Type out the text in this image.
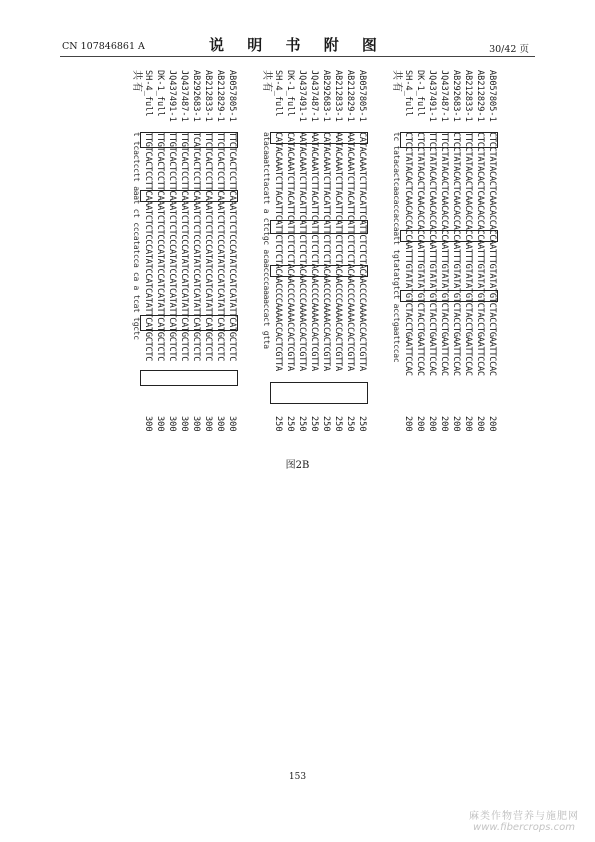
CN 107846861 A	说 明 书 附 图	30/42 页
AB057805-1
CTCCTATACACTCAACACCACCAATTTGTATATGTCTACCTGAATTCCAC
200
AB212829-1
CTCCTATACACTCAACACCACCAATTTGTATATGTCTACCTGAATTCCAC
200
AB212833-1
TTCCTATACACTCAACACCACCAATTTGTATATGTCTACCTGAATTCCAC
200
AB292683-1
CTCCTATACACTCAACACCACCAATTTGTATATGTCTACCTGAATTCCAC
200
JQ437487-1
TTCCTATACACTCAACACCACCAATTTGTATATGTCTACCTGAATTCCAC
200
JQ437491-1
TTCCTATACACTCAACACCACCAATTTGTATATGTCTACCTGAATTCCAC
200
DK-1_full
CTCCTATACACTCAACACCACCAATTTGTATATGTCTACCTGAATTCCAC
200
SH-4_full
CTCCTATACACTCAACACCACCAATTTGTATATGTCTACCTGAATTCCAC
200
共有
tc tatacactcaacaccaccaatt tgtatatgtct acctgaattccac
AB057805-1
CATACAAATCTTACATTCATTCTCTCTACAACCCCAAAACCACTCGTTA
250
AB212829-1
AATACAAATCTTACATTCATTCTCTCTACAACCCCAAAACCACTCGTTA
250
AB212833-1
AATACAAATCTTACATTCATTCTCTCTACAACCCCAAAACCACTCGTTA
250
AB292683-1
CATACAAATCTTACATTCATTCTCTCTACAACCCCAAAACCACTCGTTA
250
JQ437487-1
AATACAAATCTTACATTCATTCTCTCTACAACCCCAAAACCACTCGTTA
250
JQ437491-1
AATACAAATCTTACATTCATTCTCTCTACAACCCCAAAACCACTCGTTA
250
DK-1_full
CATACAAATCTTACATTCATTCTCTCTACAACCCCAAAACCACTCGTTA
250
SH-4_full
CATACAAATCTTACATTCATTCTCTCTACAACCCCAAAACCACTCGTTA
250
共有
atacaaatcttacatt a ctctgc acaaccccaaaaccact gtta
AB057805-1
TTCTCACTCCTTCAAATCTCTCCCATATCCATCATATTCATGCTCTC
300
AB212829-1
TTCTCACTCCTTCAAATCTCTCCCATATCCATCATATTCATGCTCTC
300
AB212833-1
TTCTCACTCCTTCAAATCTCTCCCATATCCATCATATTCATGCTCTC
300
AB292683-1
TCATCACTCCTTCAAATCTCTCCCATATCCATCATATTCATGCTCTC
300
JQ437487-1
TTGTCACTCCTTCAAATCTCTCCCATATCCATCATATTCATGCTCTC
300
JQ437491-1
TTGTCACTCCTTCAAATCTCTCCCATATCCATCATATTCATGCTCTC
300
DK-1_full
TTGTCACTCCTTCAAATCTCTCCCATATCCATCATATTCATGCTCTC
300
SH-4_full
TTGTCACTCCTTCAAATCTCTCCCATATCCATCATATTCATGCTCTC
300
共有
t tcactcctt aaat ct cccatatcca ca a tcat tgctc
图2B
153
麻类作物营养与施肥网
www.fibercrops.com
